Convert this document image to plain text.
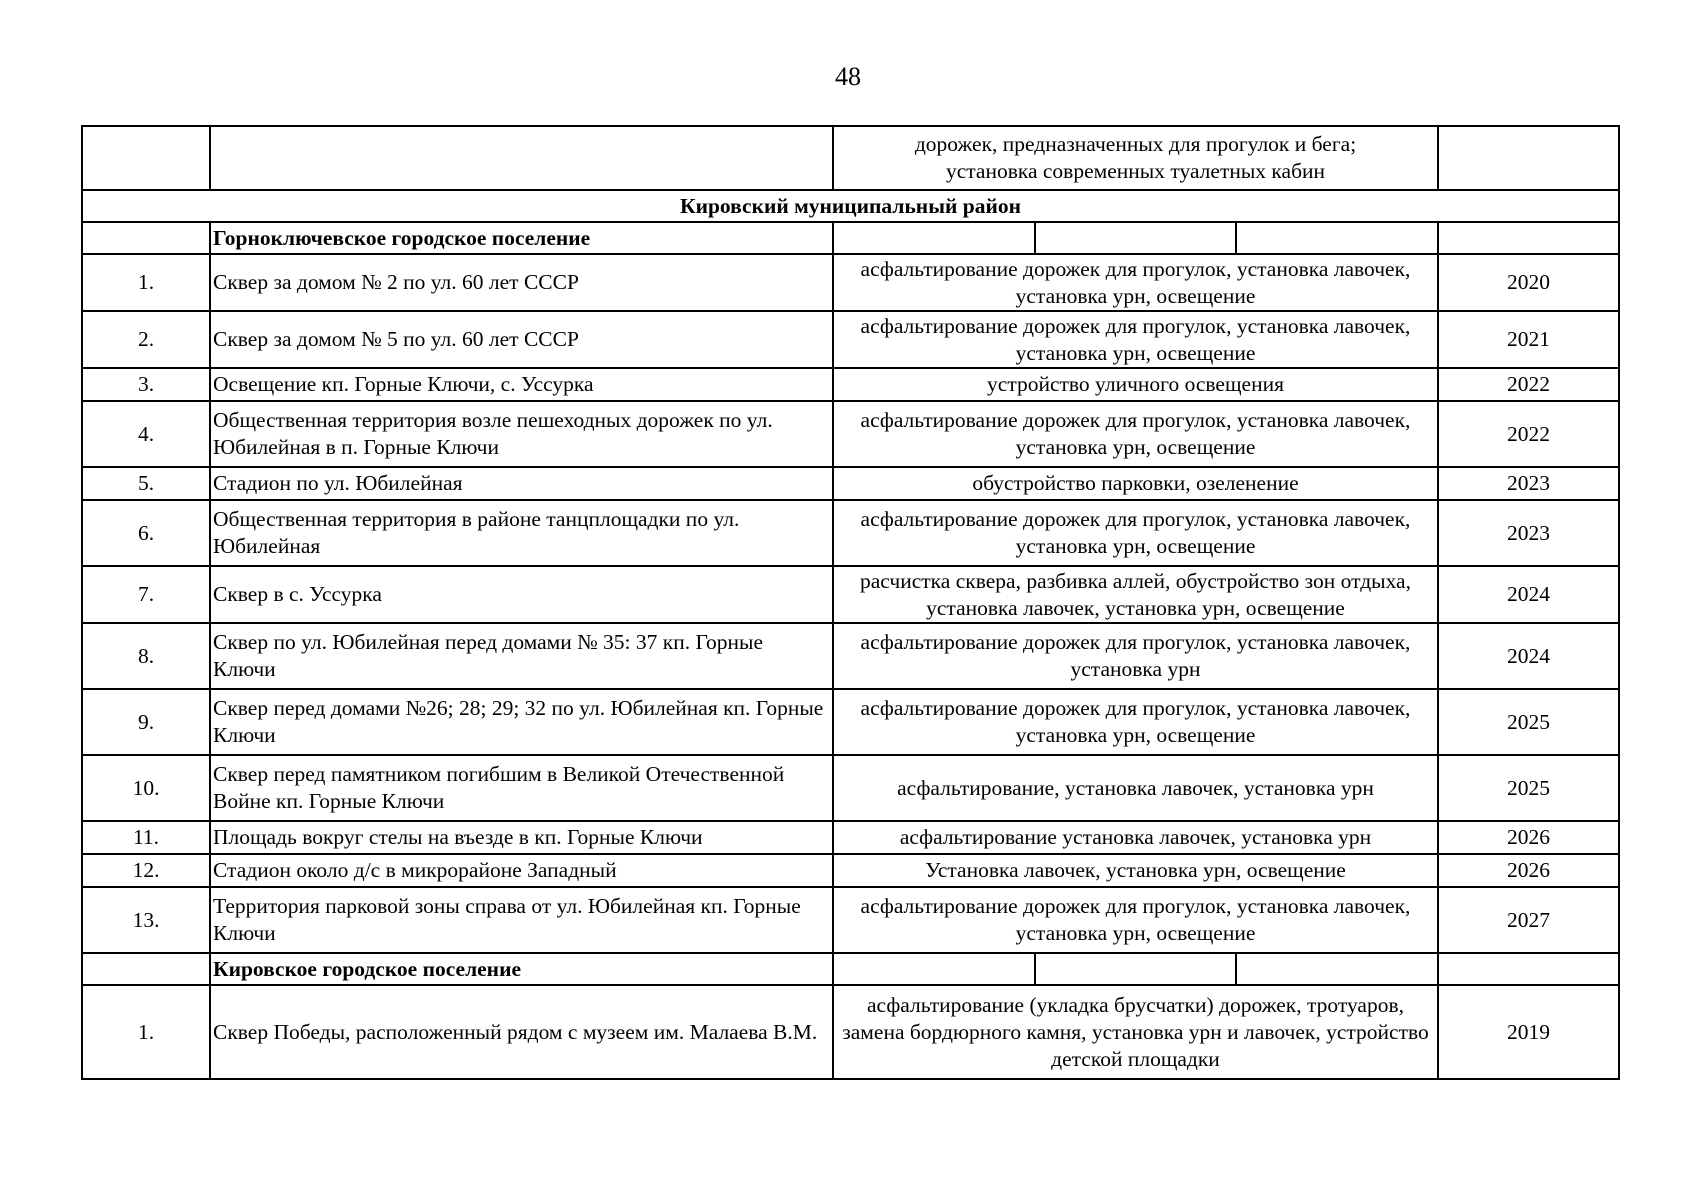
48

		дорожек, предназначенных для прогулок и бега;
установка современных туалетных кабин	

Кировский муниципальный район			
	Горноключевское городское поселение	

1.	Сквер за домом № 2 по ул. 60 лет СССР	асфальтирование дорожек для прогулок, установка лавочек, установка урн, освещение	2020
2.	Сквер за домом № 5 по ул. 60 лет СССР	асфальтирование дорожек для прогулок, установка лавочек, установка урн, освещение	2021
3.	Освещение кп. Горные Ключи, с. Уссурка	устройство уличного освещения	2022
4.	Общественная территория возле пешеходных дорожек по ул. Юбилейная в п. Горные Ключи	асфальтирование дорожек для прогулок, установка лавочек, установка урн, освещение	2022
5.	Стадион по ул. Юбилейная	обустройство парковки, озеленение	2023
6.	Общественная территория в районе танцплощадки по ул. Юбилейная	асфальтирование дорожек для прогулок, установка лавочек, установка урн, освещение	2023
7.	Сквер в с. Уссурка	расчистка сквера, разбивка аллей, обустройство зон отдыха, установка лавочек, установка урн, освещение	2024
8.	Сквер по ул. Юбилейная перед домами № 35: 37 кп. Горные Ключи	асфальтирование дорожек для прогулок, установка лавочек, установка урн	2024
9.	Сквер перед домами №26; 28; 29; 32 по ул. Юбилейная кп. Горные Ключи	асфальтирование дорожек для прогулок, установка лавочек, установка урн, освещение	2025
10.	Сквер перед памятником погибшим в Великой Отечественной Войне кп. Горные Ключи	асфальтирование, установка лавочек, установка урн	2025
11.	Площадь вокруг стелы на въезде в кп. Горные Ключи	асфальтирование установка лавочек, установка урн	2026
12.	Стадион около д/с в микрорайоне Западный	Установка лавочек, установка урн, освещение	2026
13.	Территория парковой зоны справа от ул. Юбилейная кп. Горные Ключи	асфальтирование дорожек для прогулок, установка лавочек, установка урн, освещение	2027
	Кировское городское поселение	

1.	Сквер Победы, расположенный рядом с музеем им. Малаева В.М.	асфальтирование (укладка брусчатки) дорожек, тротуаров, замена бордюрного камня, установка урн и лавочек, устройство детской площадки	2019
